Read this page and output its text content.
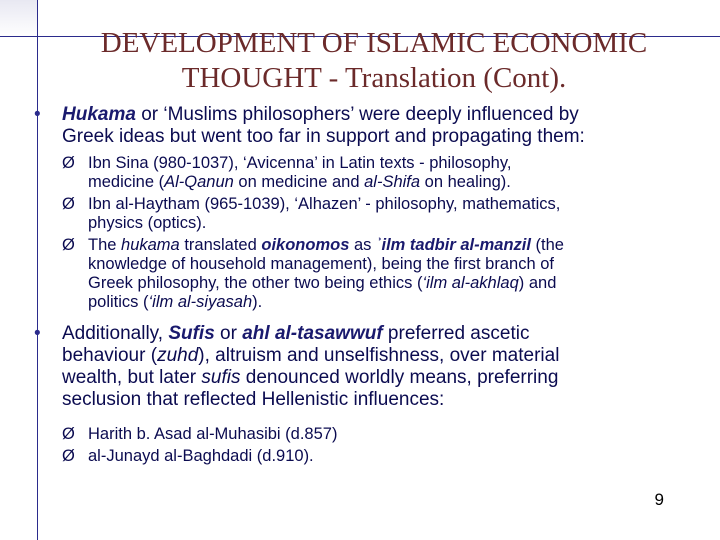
DEVELOPMENT OF ISLAMIC ECONOMIC
THOUGHT - Translation (Cont).
•	Hukama or ‘Muslims philosophers’ were deeply influenced by
Greek ideas but went too far in support and propagating them:
Ø Ibn Sina (980-1037), ‘Avicenna’ in Latin texts - philosophy,
medicine (Al-Qanun on medicine and al-Shifa on healing).
Ø Ibn al-Haytham (965-1039), ‘Alhazen’ - philosophy, mathematics,
physics (optics).
Ø The hukama translated oikonomos as ʾilm tadbir al-manzil (the
knowledge of household management), being the first branch of
Greek philosophy, the other two being ethics (‘ilm al-akhlaq) and
politics (‘ilm al-siyasah).
•	Additionally, Sufis or ahl al-tasawwuf preferred ascetic
behaviour (zuhd), altruism and unselfishness, over material
wealth, but later sufis denounced worldly means, preferring
seclusion that reflected Hellenistic influences:
Ø Harith b. Asad al-Muhasibi (d.857)
Ø al-Junayd al-Baghdadi (d.910).
9
